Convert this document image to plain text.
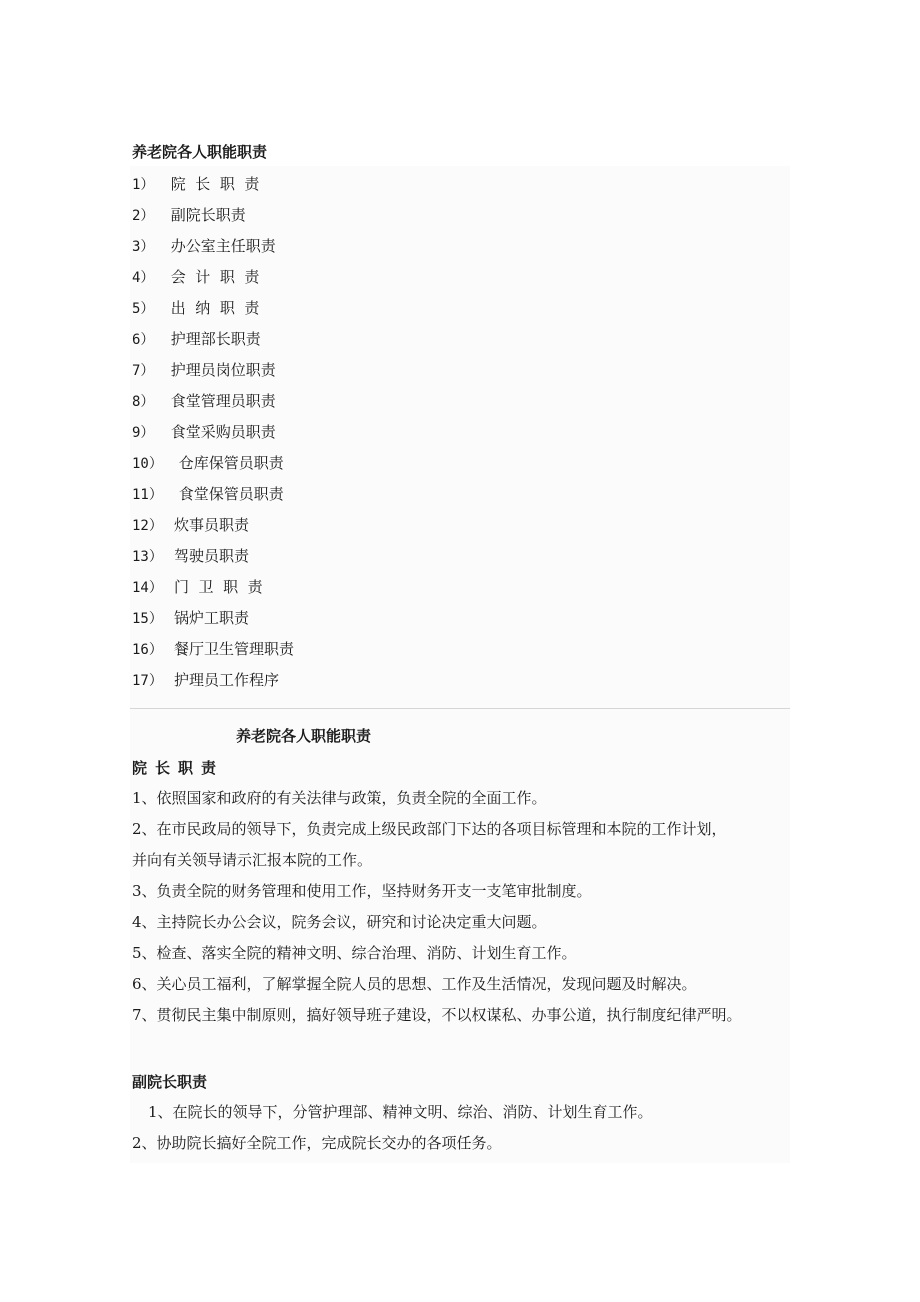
养老院各人职能职责
1） 院  长  职  责
2） 副院长职责
3） 办公室主任职责
4） 会  计  职  责
5） 出  纳  职  责
6） 护理部长职责
7） 护理员岗位职责
8） 食堂管理员职责
9） 食堂采购员职责
10） 仓库保管员职责
11） 食堂保管员职责
12） 炊事员职责
13） 驾驶员职责
14） 门  卫  职  责
15） 锅炉工职责
16） 餐厅卫生管理职责
17） 护理员工作程序
养老院各人职能职责
院长职责
1、依照国家和政府的有关法律与政策，负责全院的全面工作。
2、在市民政局的领导下，负责完成上级民政部门下达的各项目标管理和本院的工作计划，
并向有关领导请示汇报本院的工作。
3、负责全院的财务管理和使用工作，坚持财务开支一支笔审批制度。
4、主持院长办公会议，院务会议，研究和讨论决定重大问题。
5、检查、落实全院的精神文明、综合治理、消防、计划生育工作。
6、关心员工福利，了解掌握全院人员的思想、工作及生活情况，发现问题及时解决。
7、贯彻民主集中制原则，搞好领导班子建设，不以权谋私、办事公道，执行制度纪律严明。
副院长职责
1、在院长的领导下，分管护理部、精神文明、综治、消防、计划生育工作。
2、协助院长搞好全院工作，完成院长交办的各项任务。
